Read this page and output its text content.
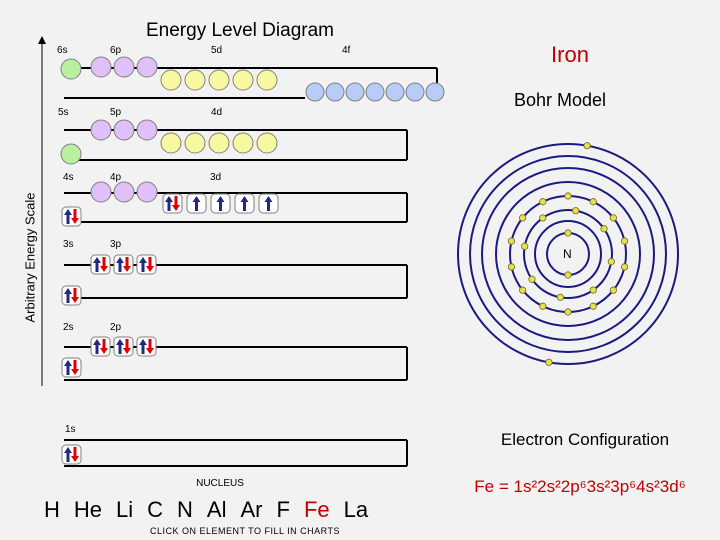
Energy Level Diagram
Arbitrary Energy Scale
6s	6p	5d	4f
5s	5p	4d
4s	4p	3d
3s	3p
2s	2p
1s
Iron
Bohr Model
N
Electron Configuration
Fe = 1s²2s²2p⁶3s²3p⁶4s²3d⁶
NUCLEUS
H He Li C N Al Ar F Fe La
CLICK ON ELEMENT TO FILL IN CHARTS
